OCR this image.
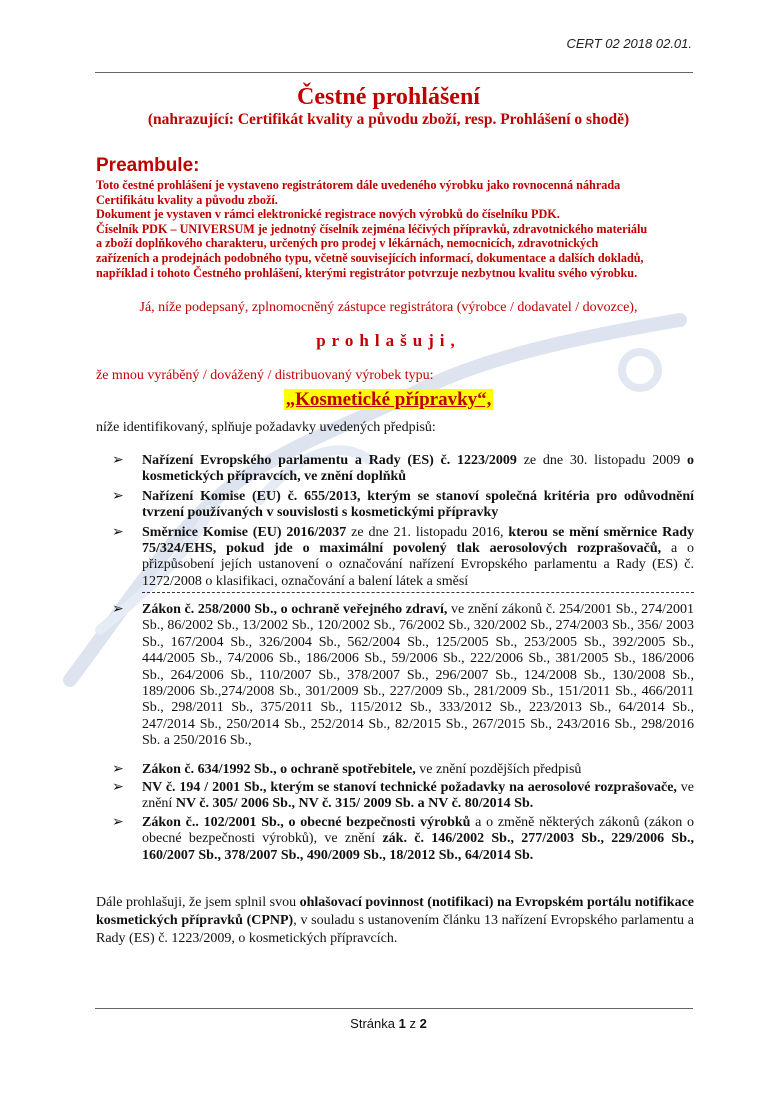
CERT 02 2018 02.01.
Čestné prohlášení
(nahrazující: Certifikát kvality a původu zboží, resp. Prohlášení o shodě)
Preambule:
Toto čestné prohlášení je vystaveno registrátorem dále uvedeného výrobku jako rovnocenná náhrada
Certifikátu kvality a původu zboží.
Dokument je vystaven v rámci elektronické registrace nových výrobků do číselníku PDK.
Číselník PDK – UNIVERSUM je jednotný číselník zejména léčivých přípravků, zdravotnického materiálu
a zboží doplňkového charakteru, určených pro prodej v lékárnách, nemocnicích, zdravotnických
zařízeních a prodejnách podobného typu, včetně souvisejících informací, dokumentace a dalších dokladů,
například i tohoto Čestného prohlášení, kterými registrátor potvrzuje nezbytnou kvalitu svého výrobku.
Já, níže podepsaný, zplnomocněný zástupce registrátora (výrobce / dodavatel / dovozce),
prohlašuji,
že mnou vyráběný / dovážený / distribuovaný výrobek typu:
„Kosmetické přípravky“,
níže identifikovaný, splňuje požadavky uvedených předpisů:
➢ Nařízení Evropského parlamentu a Rady (ES) č. 1223/2009 ze dne 30. listopadu 2009 o kosmetických přípravcích, ve znění doplňků
➢ Nařízení Komise (EU) č. 655/2013, kterým se stanoví společná kritéria pro odůvodnění tvrzení používaných v souvislosti s kosmetickými přípravky
➢ Směrnice Komise (EU) 2016/2037 ze dne 21. listopadu 2016, kterou se mění směrnice Rady 75/324/EHS, pokud jde o maximální povolený tlak aerosolových rozprašovačů, a o přizpůsobení jejích ustanovení o označování nařízení Evropského parlamentu a Rady (ES) č. 1272/2008 o klasifikaci, označování a balení látek a směsí
➢ Zákon č. 258/2000 Sb., o ochraně veřejného zdraví, ve znění zákonů č. 254/2001 Sb., 274/2001 Sb., 86/2002 Sb., 13/2002 Sb., 120/2002 Sb., 76/2002 Sb., 320/2002 Sb., 274/2003 Sb., 356/ 2003 Sb., 167/2004 Sb., 326/2004 Sb., 562/2004 Sb., 125/2005 Sb., 253/2005 Sb., 392/2005 Sb., 444/2005 Sb., 74/2006 Sb., 186/2006 Sb., 59/2006 Sb., 222/2006 Sb., 381/2005 Sb., 186/2006 Sb., 264/2006 Sb., 110/2007 Sb., 378/2007 Sb., 296/2007 Sb., 124/2008 Sb., 130/2008 Sb., 189/2006 Sb.,274/2008 Sb., 301/2009 Sb., 227/2009 Sb., 281/2009 Sb., 151/2011 Sb., 466/2011 Sb., 298/2011 Sb., 375/2011 Sb., 115/2012 Sb., 333/2012 Sb., 223/2013 Sb., 64/2014 Sb., 247/2014 Sb., 250/2014 Sb., 252/2014 Sb., 82/2015 Sb., 267/2015 Sb., 243/2016 Sb., 298/2016 Sb. a 250/2016 Sb.,
➢ Zákon č. 634/1992 Sb., o ochraně spotřebitele, ve znění pozdějších předpisů
➢ NV č. 194 / 2001 Sb., kterým se stanoví technické požadavky na aerosolové rozprašovače, ve znění NV č. 305/ 2006 Sb., NV č. 315/ 2009 Sb. a NV č. 80/2014 Sb.
➢ Zákon č.. 102/2001 Sb., o obecné bezpečnosti výrobků a o změně některých zákonů (zákon o obecné bezpečnosti výrobků), ve znění zák. č. 146/2002 Sb., 277/2003 Sb., 229/2006 Sb., 160/2007 Sb., 378/2007 Sb., 490/2009 Sb., 18/2012 Sb., 64/2014 Sb.
Dále prohlašuji, že jsem splnil svou ohlašovací povinnost (notifikaci) na Evropském portálu notifikace kosmetických přípravků (CPNP), v souladu s ustanovením článku 13 nařízení Evropského parlamentu a Rady (ES) č. 1223/2009, o kosmetických přípravcích.
Stránka 1 z 2
